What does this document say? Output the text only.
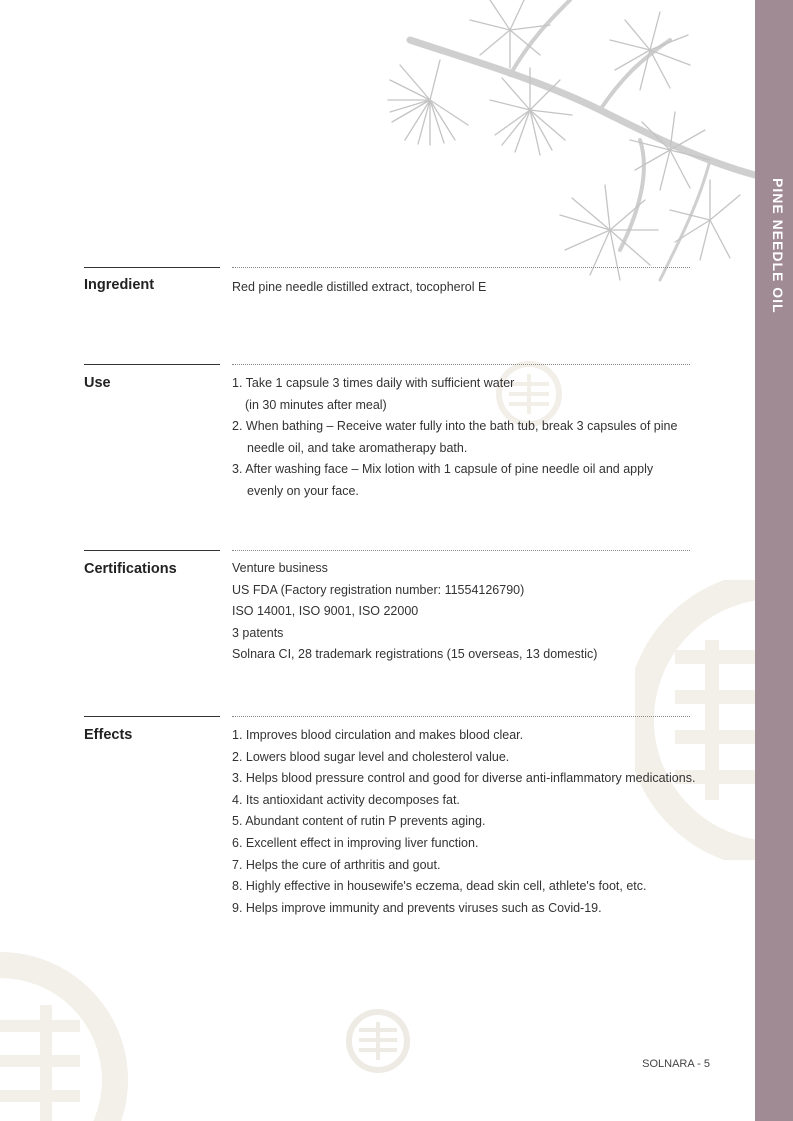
PINE NEEDLE OIL
Ingredient	Red pine needle distilled extract, tocopherol E
Use	1. Take 1 capsule 3 times daily with sufficient water
(in 30 minutes after meal)
2. When bathing – Receive water fully into the bath tub, break 3 capsules of pine
needle oil, and take aromatherapy bath.
3. After washing face – Mix lotion with 1 capsule of pine needle oil and apply
evenly on your face.
Certifications	Venture business
US FDA (Factory registration number: 11554126790)
ISO 14001, ISO 9001, ISO 22000
3 patents
Solnara CI, 28 trademark registrations (15 overseas, 13 domestic)
Effects	1. Improves blood circulation and makes blood clear.
2. Lowers blood sugar level and cholesterol value.
3. Helps blood pressure control and good for diverse anti-inflammatory medications.
4. Its antioxidant activity decomposes fat.
5. Abundant content of rutin P prevents aging.
6. Excellent effect in improving liver function.
7. Helps the cure of arthritis and gout.
8. Highly effective in housewife's eczema, dead skin cell, athlete's foot, etc.
9. Helps improve immunity and prevents viruses such as Covid-19.
SOLNARA - 5
